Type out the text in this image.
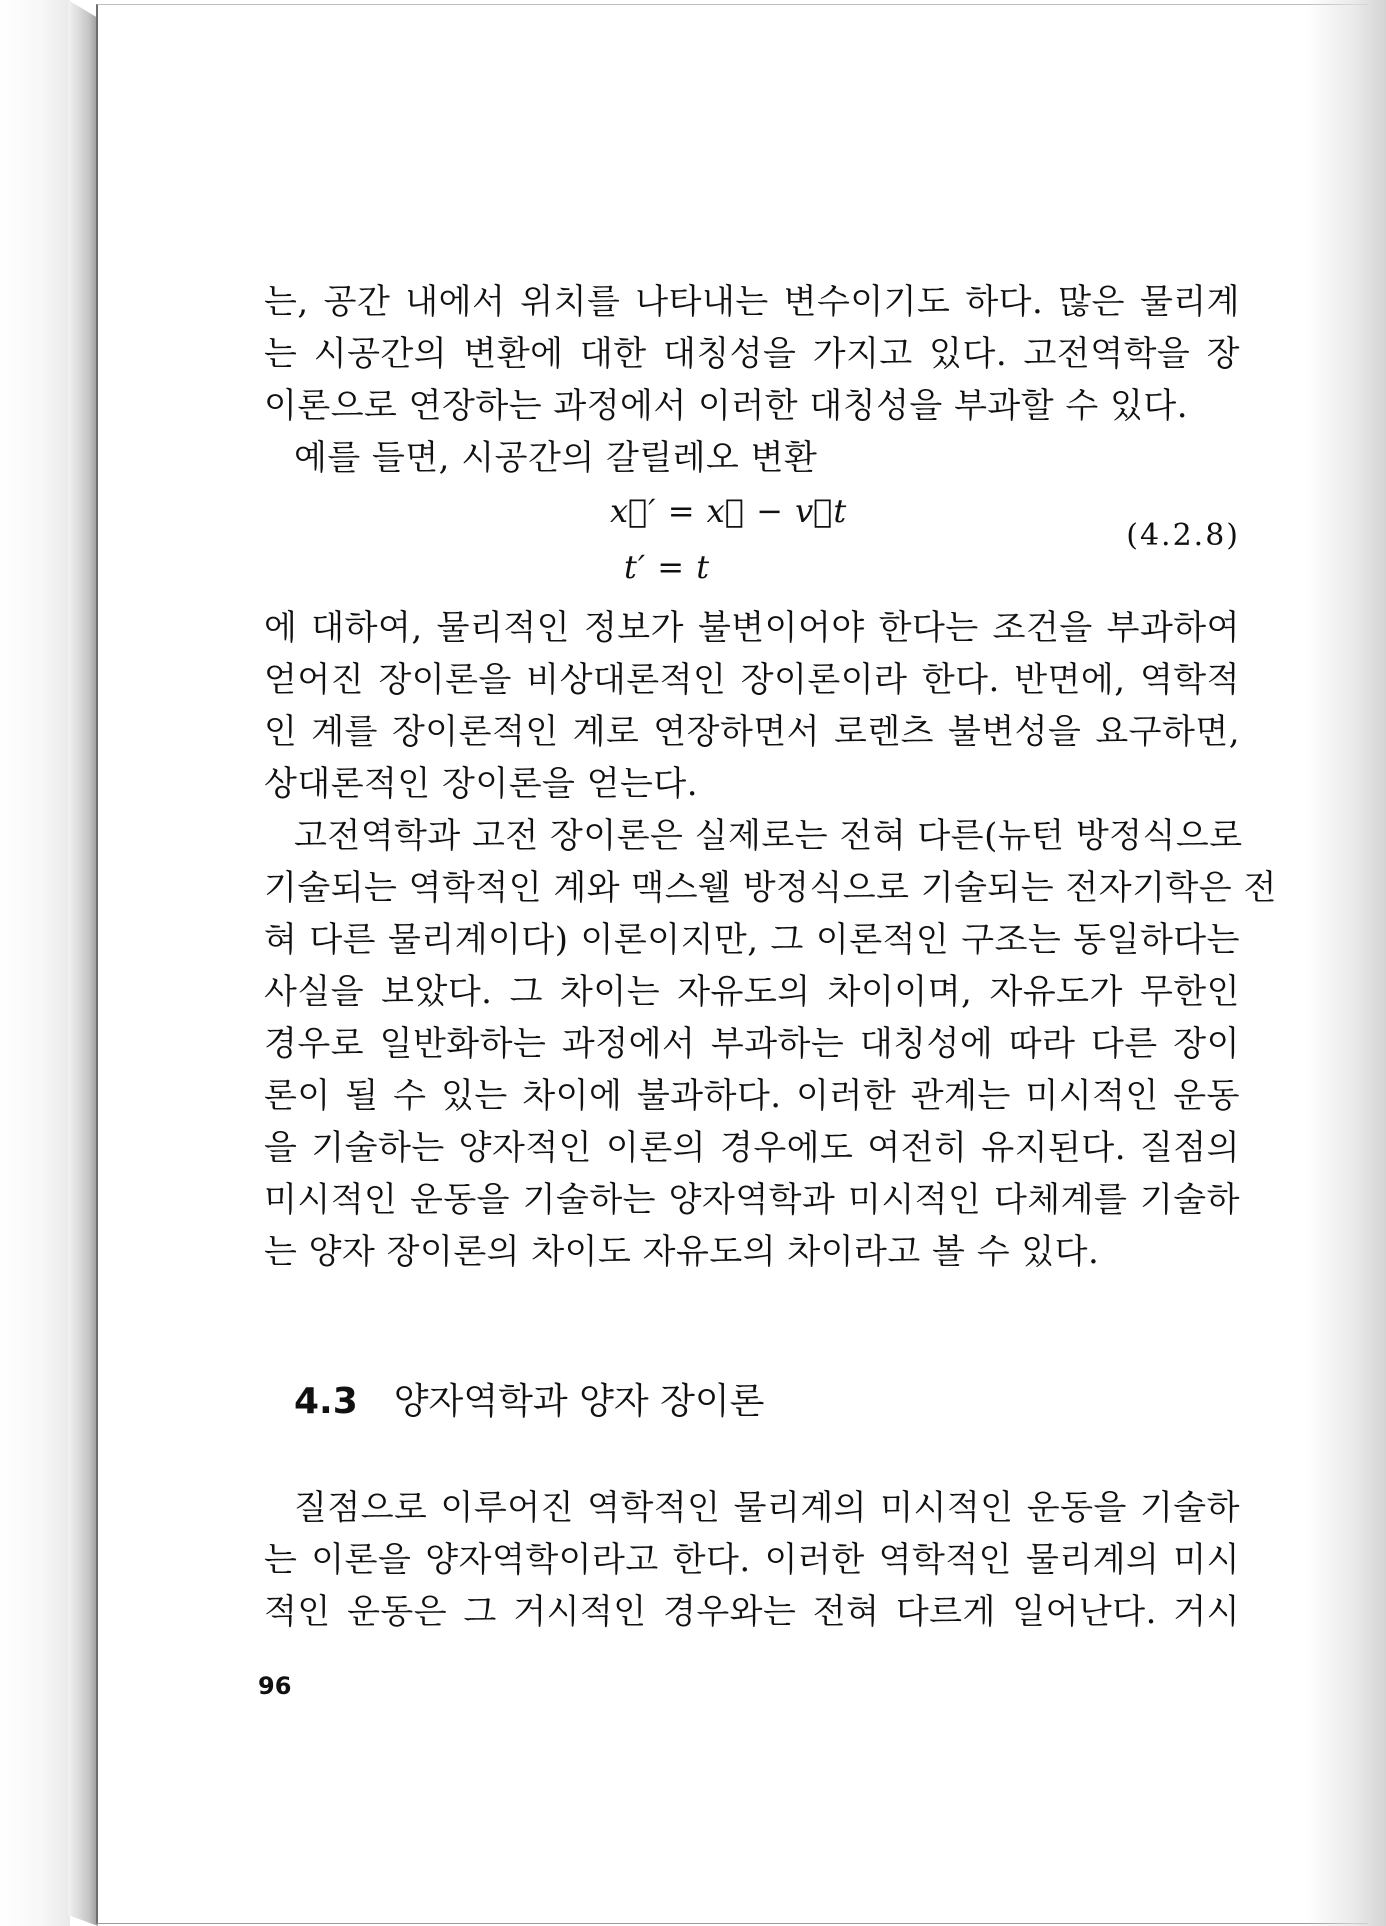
는, 공간 내에서 위치를 나타내는 변수이기도 하다. 많은 물리계
는 시공간의 변환에 대한 대칭성을 가지고 있다. 고전역학을 장
이론으로 연장하는 과정에서 이러한 대칭성을 부과할 수 있다.
예를 들면, 시공간의 갈릴레오 변환
x⃗′ = x⃗ − v⃗t
t′ = t
(4.2.8)
에 대하여, 물리적인 정보가 불변이어야 한다는 조건을 부과하여
얻어진 장이론을 비상대론적인 장이론이라 한다. 반면에, 역학적
인 계를 장이론적인 계로 연장하면서 로렌츠 불변성을 요구하면,
상대론적인 장이론을 얻는다.
고전역학과 고전 장이론은 실제로는 전혀 다른(뉴턴 방정식으로
기술되는 역학적인 계와 맥스웰 방정식으로 기술되는 전자기학은 전
혀 다른 물리계이다) 이론이지만, 그 이론적인 구조는 동일하다는
사실을 보았다. 그 차이는 자유도의 차이이며, 자유도가 무한인
경우로 일반화하는 과정에서 부과하는 대칭성에 따라 다른 장이
론이 될 수 있는 차이에 불과하다. 이러한 관계는 미시적인 운동
을 기술하는 양자적인 이론의 경우에도 여전히 유지된다. 질점의
미시적인 운동을 기술하는 양자역학과 미시적인 다체계를 기술하
는 양자 장이론의 차이도 자유도의 차이라고 볼 수 있다.
4.3 양자역학과 양자 장이론
질점으로 이루어진 역학적인 물리계의 미시적인 운동을 기술하
는 이론을 양자역학이라고 한다. 이러한 역학적인 물리계의 미시
적인 운동은 그 거시적인 경우와는 전혀 다르게 일어난다. 거시
96
